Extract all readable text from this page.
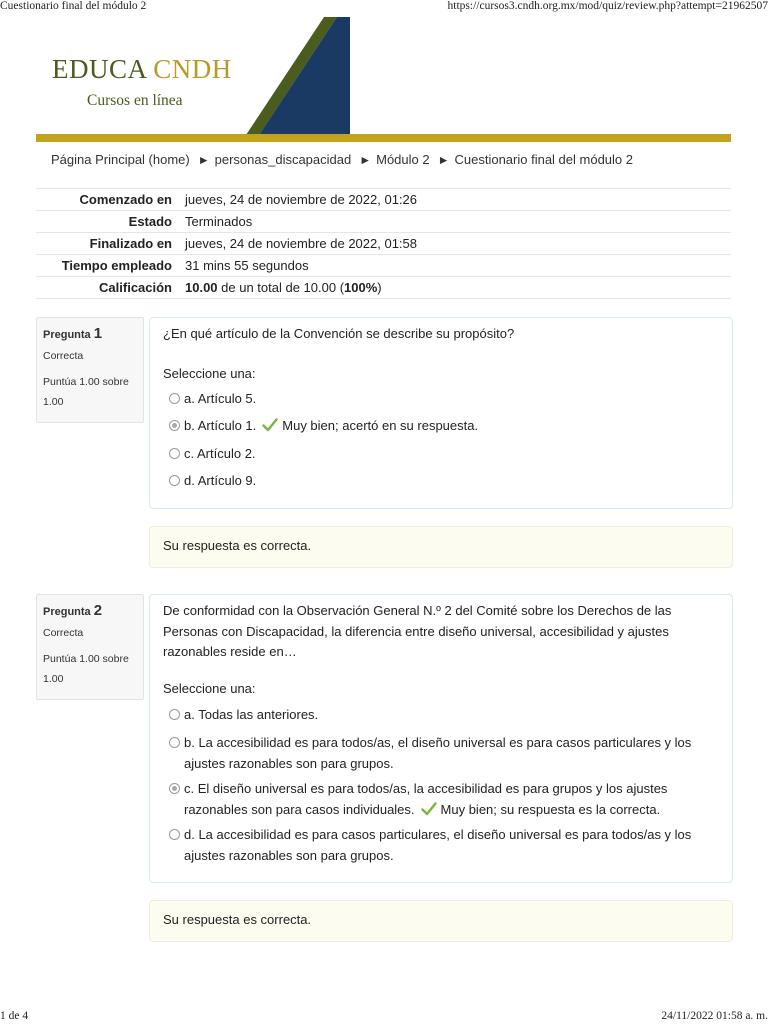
Cuestionario final del módulo 2	https://cursos3.cndh.org.mx/mod/quiz/review.php?attempt=21962507
EDUCA CNDH
Cursos en línea
Página Principal (home) ► personas_discapacidad ► Módulo 2 ► Cuestionario final del módulo 2
Comenzado en	jueves, 24 de noviembre de 2022, 01:26
Estado	Terminados
Finalizado en	jueves, 24 de noviembre de 2022, 01:58
Tiempo empleado	31 mins 55 segundos
Calificación	10.00 de un total de 10.00 (100%)
Pregunta 1
Correcta
Puntúa 1.00 sobre 1.00
¿En qué artículo de la Convención se describe su propósito?
Seleccione una:
a. Artículo 5.
b. Artículo 1. Muy bien; acertó en su respuesta.
c. Artículo 2.
d. Artículo 9.
Su respuesta es correcta.
Pregunta 2
Correcta
Puntúa 1.00 sobre 1.00
De conformidad con la Observación General N.º 2 del Comité sobre los Derechos de las Personas con Discapacidad, la diferencia entre diseño universal, accesibilidad y ajustes razonables reside en…
Seleccione una:
a. Todas las anteriores.
b. La accesibilidad es para todos/as, el diseño universal es para casos particulares y los ajustes razonables son para grupos.
c. El diseño universal es para todos/as, la accesibilidad es para grupos y los ajustes razonables son para casos individuales. Muy bien; su respuesta es la correcta.
d. La accesibilidad es para casos particulares, el diseño universal es para todos/as y los ajustes razonables son para grupos.
Su respuesta es correcta.
1 de 4	24/11/2022 01:58 a. m.
